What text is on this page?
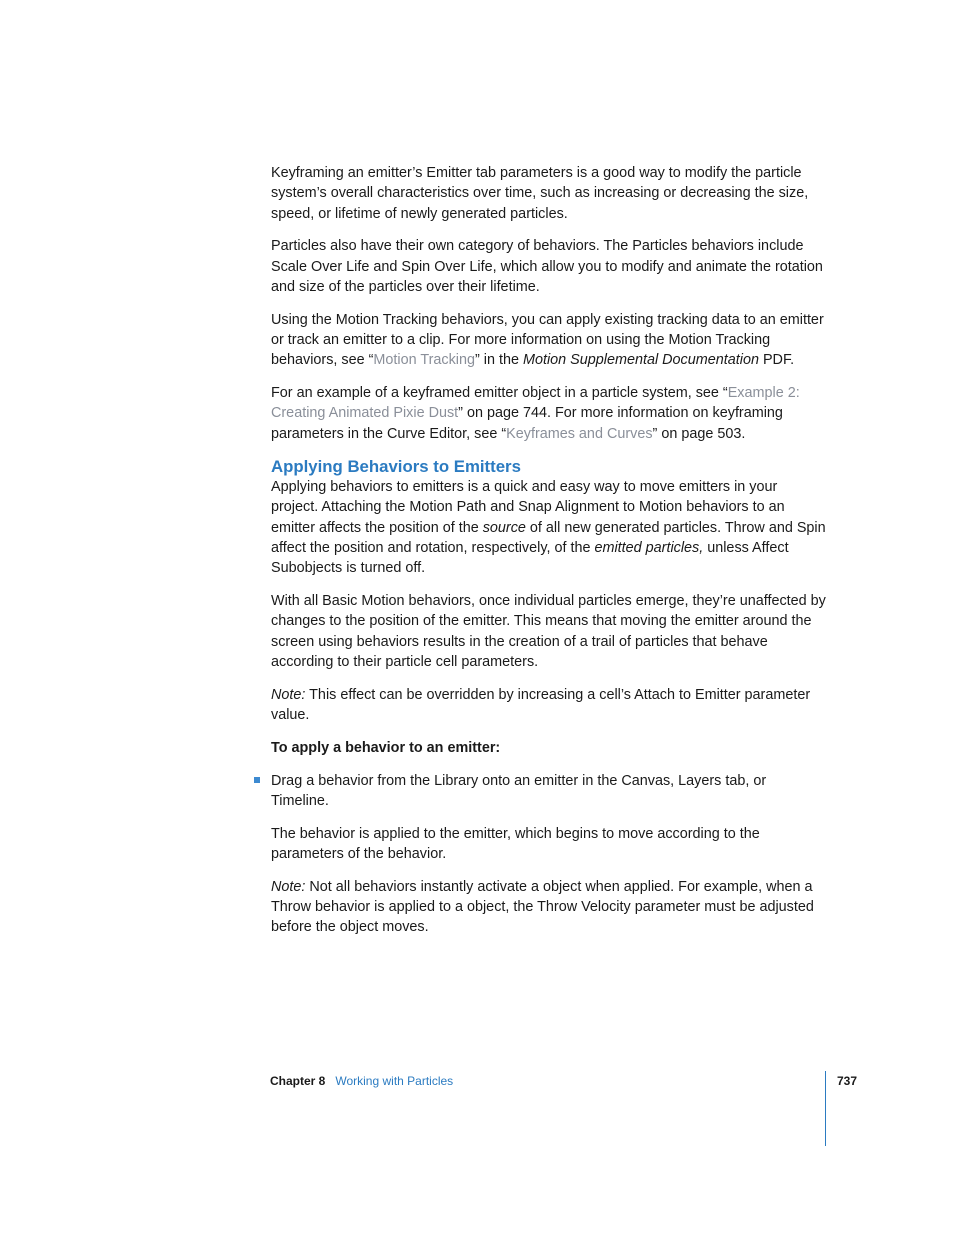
Keyframing an emitter’s Emitter tab parameters is a good way to modify the particle system’s overall characteristics over time, such as increasing or decreasing the size, speed, or lifetime of newly generated particles.

Particles also have their own category of behaviors. The Particles behaviors include Scale Over Life and Spin Over Life, which allow you to modify and animate the rotation and size of the particles over their lifetime.

Using the Motion Tracking behaviors, you can apply existing tracking data to an emitter or track an emitter to a clip. For more information on using the Motion Tracking behaviors, see “Motion Tracking” in the Motion Supplemental Documentation PDF.

For an example of a keyframed emitter object in a particle system, see “Example 2: Creating Animated Pixie Dust” on page 744. For more information on keyframing parameters in the Curve Editor, see “Keyframes and Curves” on page 503.

Applying Behaviors to Emitters

Applying behaviors to emitters is a quick and easy way to move emitters in your project. Attaching the Motion Path and Snap Alignment to Motion behaviors to an emitter affects the position of the source of all new generated particles. Throw and Spin affect the position and rotation, respectively, of the emitted particles, unless Affect Subobjects is turned off.

With all Basic Motion behaviors, once individual particles emerge, they’re unaffected by changes to the position of the emitter. This means that moving the emitter around the screen using behaviors results in the creation of a trail of particles that behave according to their particle cell parameters.

Note: This effect can be overridden by increasing a cell’s Attach to Emitter parameter value.

To apply a behavior to an emitter:

Drag a behavior from the Library onto an emitter in the Canvas, Layers tab, or Timeline.

The behavior is applied to the emitter, which begins to move according to the parameters of the behavior.

Note: Not all behaviors instantly activate a object when applied. For example, when a Throw behavior is applied to a object, the Throw Velocity parameter must be adjusted before the object moves.

Chapter 8 Working with Particles	737
